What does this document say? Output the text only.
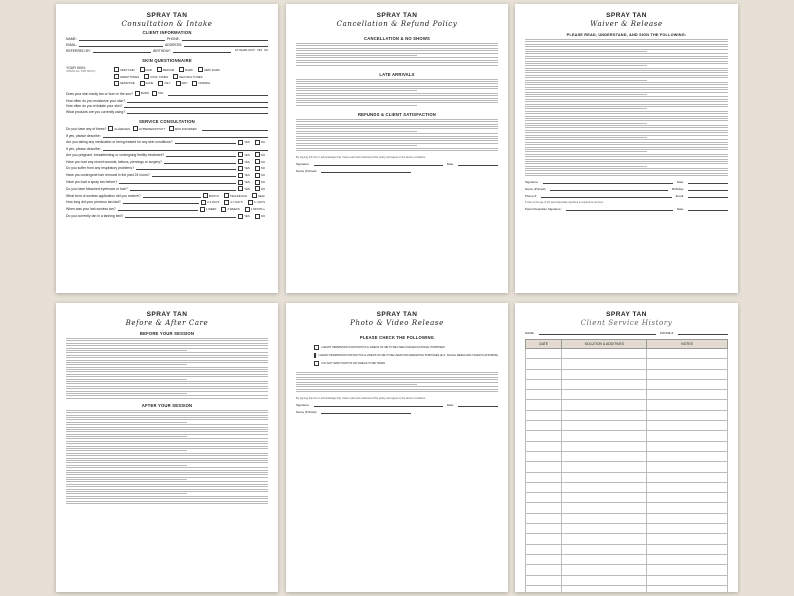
SPRAY TAN
Consultation & Intake
CLIENT INFORMATION
NAME:	PHONE:
EMAIL:	ADDRESS:
REFERRED BY:	BIRTHDAY:	18 YEARS OLD? YES NO
SKIN QUESTIONNAIRE
YOUR SKIN:
(CHECK ALL THAT APPLY)	VERY FAIR	FAIR	MEDIUM	DARK	VERY DARK
WARM TONES	COOL TONES	NEUTRAL TONES
SENSITIVE	ACNE	OILY	DRY	NORMAL
Does your skin easily tan or burn in the sun?	BURN	TAN
How often do you moisturize your skin?
How often do you exfoliate your skin?
What products are you currently using?
SERVICE CONSULTATION
Do you have any of these?	ALLERGIES	HYPERSENSITIVITY	SKIN DISORDER
If yes, please describe:
Are you taking any medication or being treated for any skin conditions?	YES	NO
If yes, please describe:
Are you pregnant, breastfeeding or undergoing fertility treatment?	YES	NO
Have you had any recent wounds, tattoos, piercings or surgery?	YES	NO
Do you suffer from any respiratory problems?	YES	NO
Have you undergone hair removal in the past 24 hours?	YES	NO
Have you had a spray tan before?	YES	NO
Do you have bleached eyebrows or hair?	YES	NO
What form of sunless application did you receive?	BOOTH	TECHNICIAN	SELF
How long did your previous tan last?	2-4 DAYS	4-7 DAYS	7+ DAYS
When was your last sunless tan?	1 WEEK	2 WEEKS	1 MONTH+
Do you currently tan in a tanning bed?	YES	NO
SPRAY TAN
Cancellation & Refund Policy
CANCELLATION & NO SHOWS
LATE ARRIVALS
REFUNDS & CLIENT SATISFACTION
By signing this form I acknowledge that I have read and understood this policy and agree to the above conditions.
Signature:	Date:
Name (Printed):
SPRAY TAN
Waiver & Release
PLEASE READ, UNDERSTAND, AND SIGN THE FOLLOWING:
Signature:	Date:
Name (Printed):	Birthday:
Phone #:	Email:
If client is the age of 18, parent/guardian signature is required for services:
Parent/Guardian Signature:	Date:
SPRAY TAN
Before & After Care
BEFORE YOUR SESSION
AFTER YOUR SESSION
SPRAY TAN
Photo & Video Release
PLEASE CHECK THE FOLLOWING
I GRANT PERMISSION FOR PHOTOS & VIDEOS OF ME TO BE USED FOR EDUCATIONAL PURPOSES
I GRANT PERMISSION FOR PHOTOS & VIDEOS OF ME TO BE USED FOR MARKETING PURPOSES (E.G. SOCIAL MEDIA AND OTHER PLATFORMS)
I DO NOT WANT PHOTOS OR VIDEOS TO BE TAKEN
By signing this form I acknowledge that I have read and understood this policy and agree to the above conditions.
Signature:	Date:
Name (Printed):
SPRAY TAN
Client Service History
NAME:	PHONE #:
DATE	SOLUTION & ADDITIVES	NOTES
